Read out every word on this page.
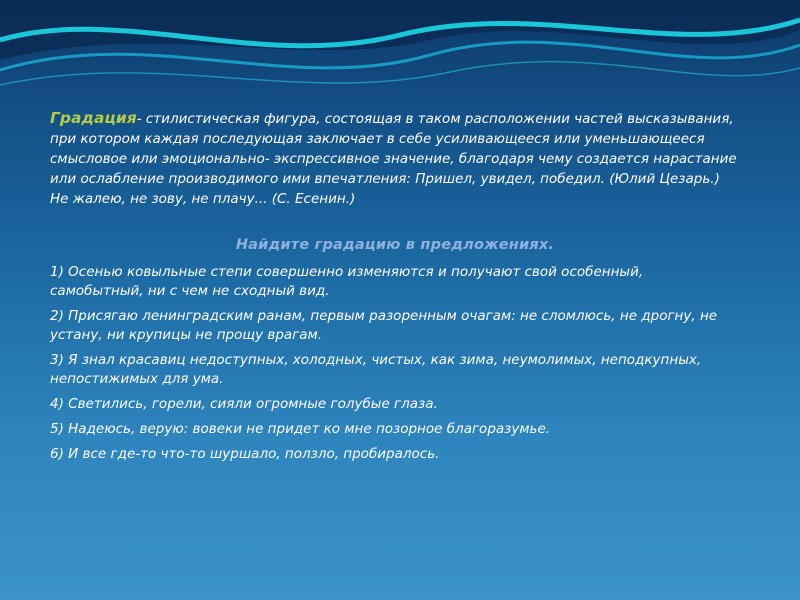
Градация- стилистическая фигура, состоящая в таком расположении частей высказывания, при котором каждая последующая заключает в себе усиливающееся или уменьшающееся смысловое или эмоционально- экспрессивное значение, благодаря чему создается нарастание или ослабление производимого ими впечатления: Пришел, увидел, победил. (Юлий Цезарь.) Не жалею, не зову, не плачу... (С. Есенин.)

Найдите градацию в предложениях.
1) Осенью ковыльные степи совершенно изменяются и получают свой особенный, самобытный, ни с чем не сходный вид.
2) Присягаю ленинградским ранам, первым разоренным очагам: не сломлюсь, не дрогну, не устану, ни крупицы не прощу врагам.
3) Я знал красавиц недоступных, холодных, чистых, как зима, неумолимых, неподкупных, непостижимых для ума.
4) Светились, горели, сияли огромные голубые глаза.
5) Надеюсь, верую: вовеки не придет ко мне позорное благоразумье.
6) И все где-то что-то шуршало, ползло, пробиралось.
